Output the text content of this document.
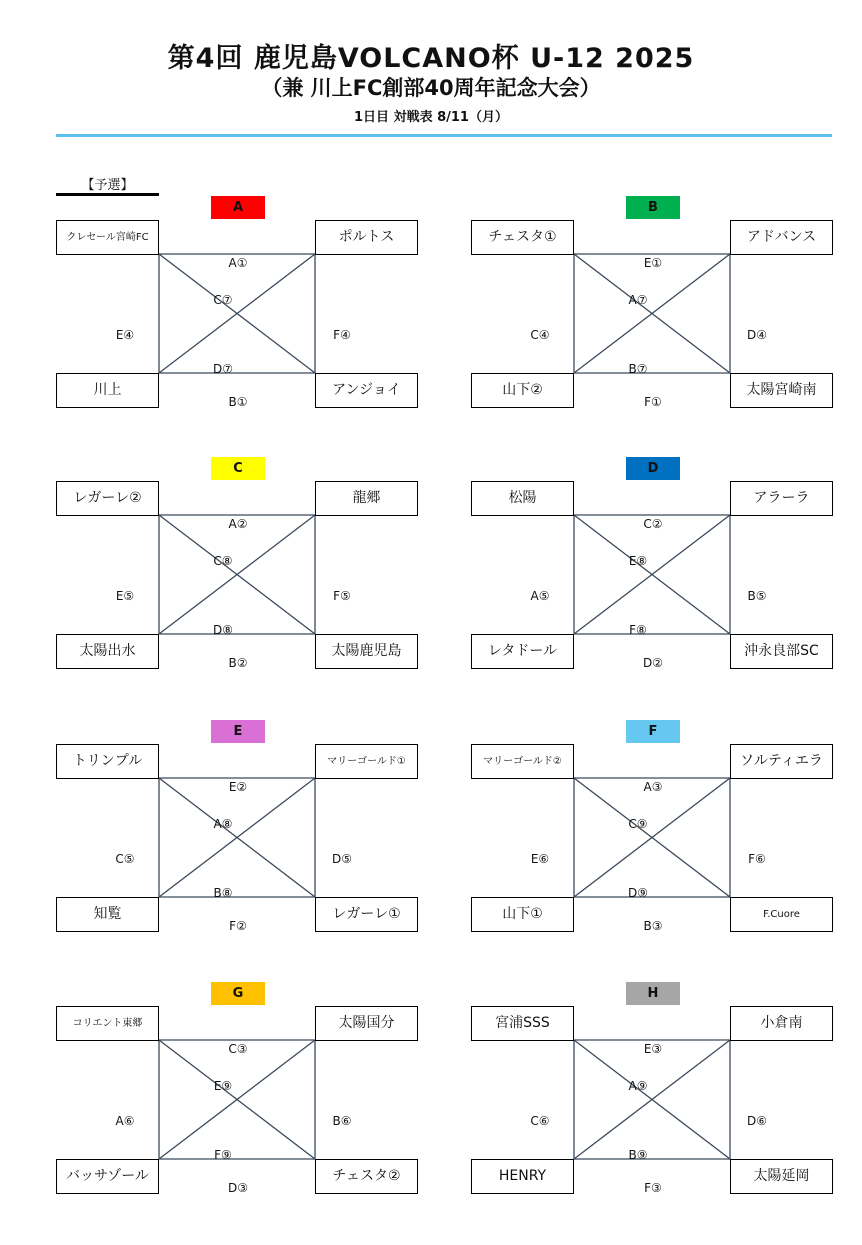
第4回 鹿児島VOLCANO杯 U-12 2025
（兼 川上FC創部40周年記念大会）
1日目 対戦表 8/11（月）
【予選】
A
クレセール宮崎FC	ポルトス
川上	アンジョイ
A①
C⑦
D⑦
B①
E④	F④
B
チェスタ①	アドバンス
山下②	太陽宮崎南
E①
A⑦
B⑦
F①
C④	D④
C
レガーレ②	龍郷
太陽出水	太陽鹿児島
A②
C⑧
D⑧
B②
E⑤	F⑤
D
松陽	アラーラ
レタドール	沖永良部SC
C②
E⑧
F⑧
D②
A⑤	B⑤
E
トリンプル	マリーゴールド①
知覧	レガーレ①
E②
A⑧
B⑧
F②
C⑤	D⑤
F
マリーゴールド②	ソルティエラ
山下①	F.Cuore
A③
C⑨
D⑨
B③
E⑥	F⑥
G
コリエント東郷	太陽国分
バッサゾール	チェスタ②
C③
E⑨
F⑨
D③
A⑥	B⑥
H
宮浦SSS	小倉南
HENRY	太陽延岡
E③
A⑨
B⑨
F③
C⑥	D⑥
